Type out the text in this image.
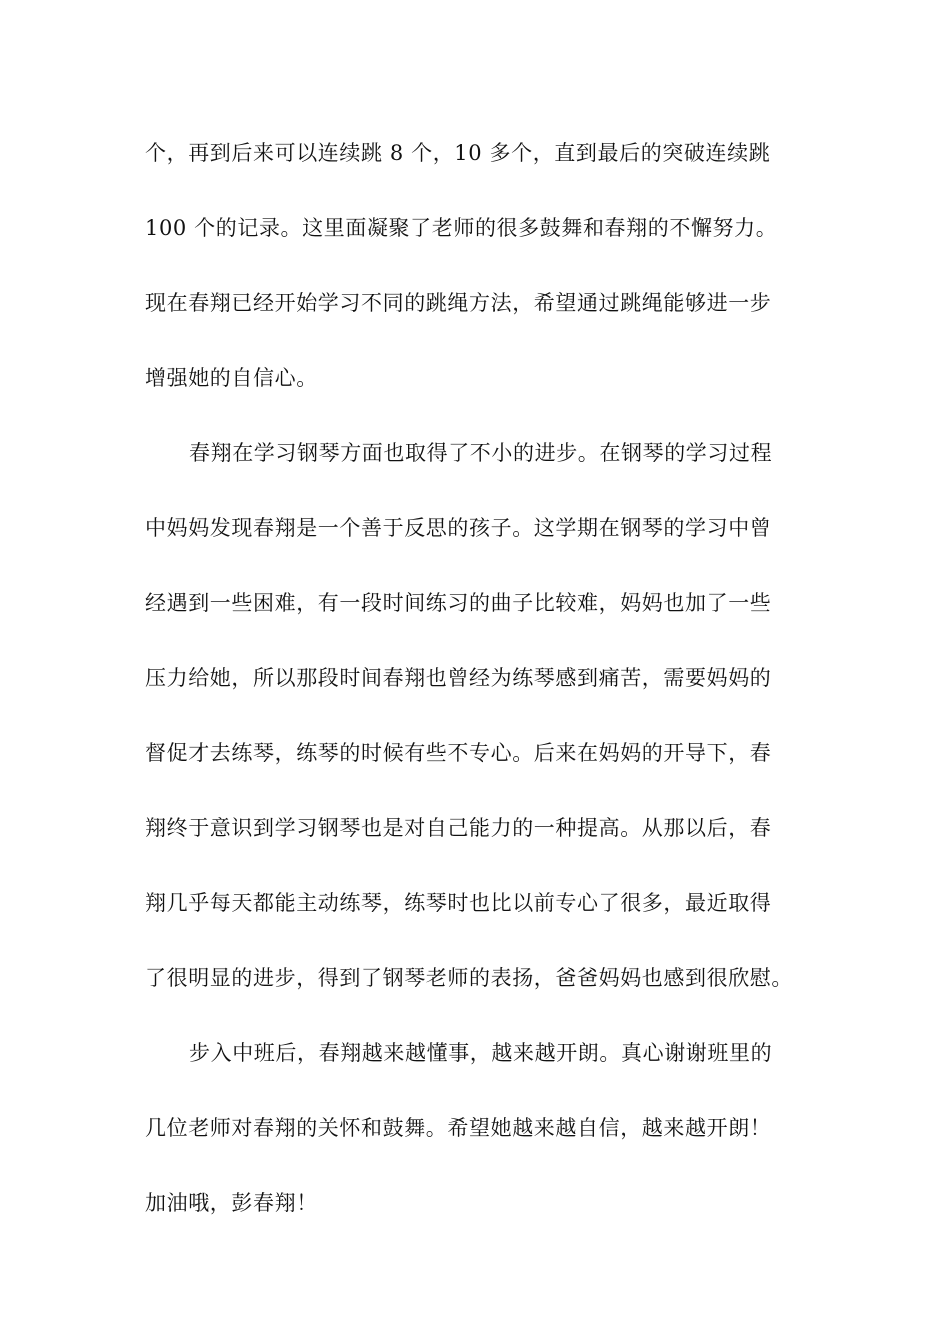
个，再到后来可以连续跳 8 个，10 多个，直到最后的突破连续跳
100 个的记录。这里面凝聚了老师的很多鼓舞和春翔的不懈努力。
现在春翔已经开始学习不同的跳绳方法，希望通过跳绳能够进一步
增强她的自信心。
春翔在学习钢琴方面也取得了不小的进步。在钢琴的学习过程
中妈妈发现春翔是一个善于反思的孩子。这学期在钢琴的学习中曾
经遇到一些困难，有一段时间练习的曲子比较难，妈妈也加了一些
压力给她，所以那段时间春翔也曾经为练琴感到痛苦，需要妈妈的
督促才去练琴，练琴的时候有些不专心。后来在妈妈的开导下，春
翔终于意识到学习钢琴也是对自己能力的一种提高。从那以后，春
翔几乎每天都能主动练琴，练琴时也比以前专心了很多，最近取得
了很明显的进步，得到了钢琴老师的表扬，爸爸妈妈也感到很欣慰。
步入中班后，春翔越来越懂事，越来越开朗。真心谢谢班里的
几位老师对春翔的关怀和鼓舞。希望她越来越自信，越来越开朗！
加油哦，彭春翔！
